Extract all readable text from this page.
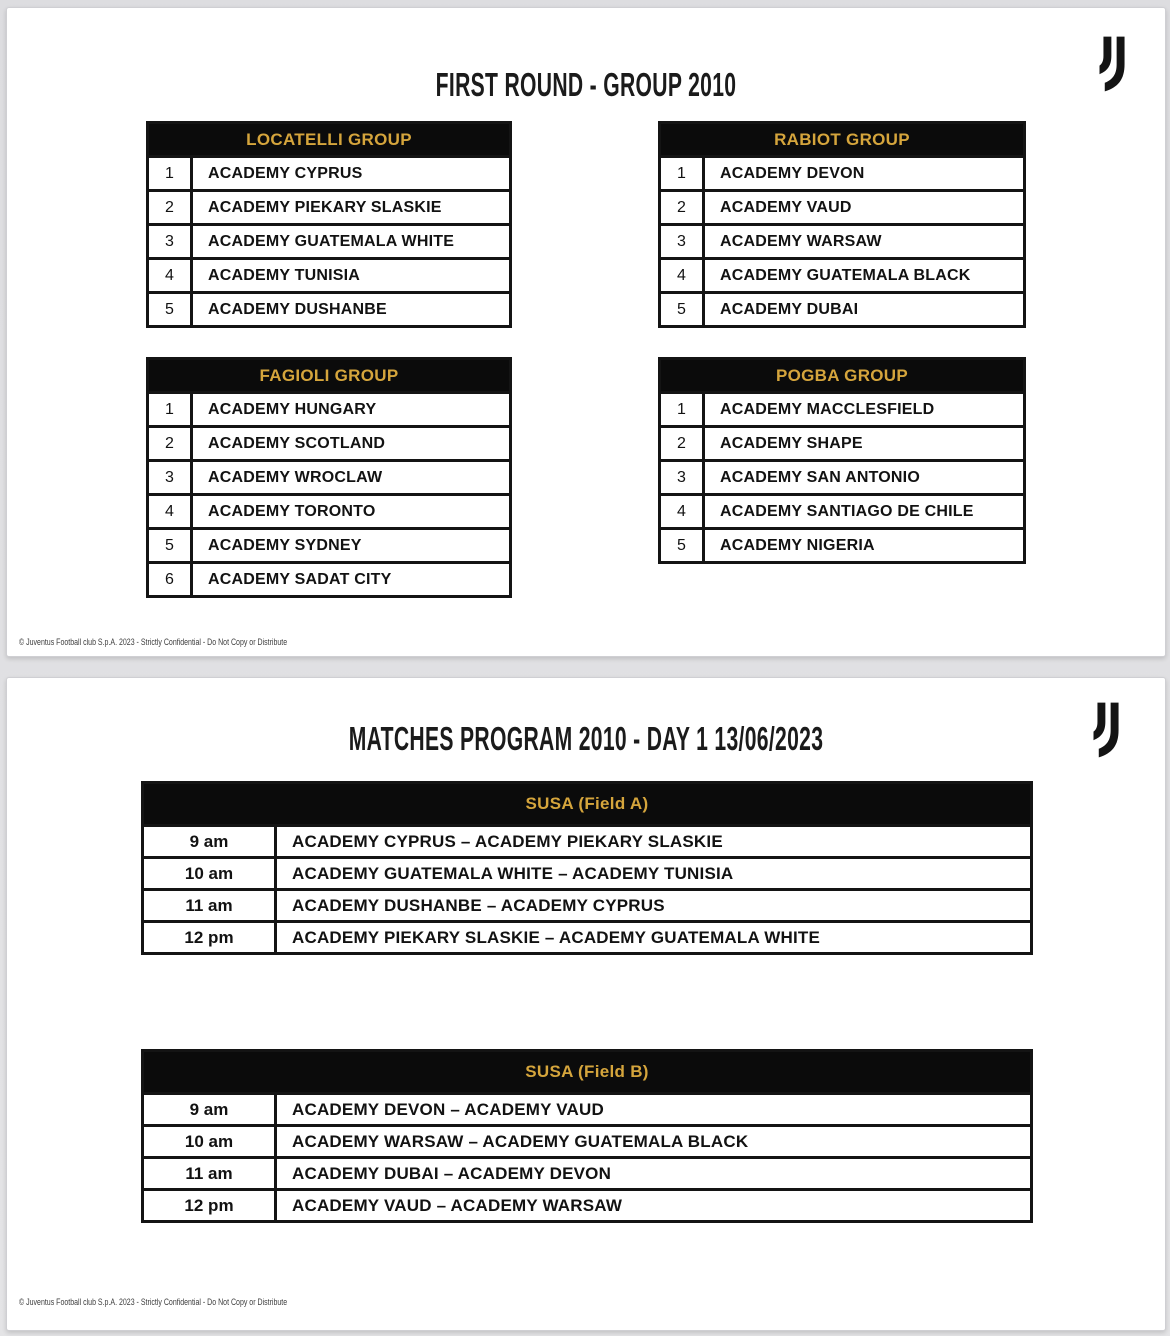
FIRST ROUND - GROUP 2010
LOCATELLI GROUP
1	ACADEMY CYPRUS
2	ACADEMY PIEKARY SLASKIE
3	ACADEMY GUATEMALA WHITE
4	ACADEMY TUNISIA
5	ACADEMY DUSHANBE
RABIOT GROUP
1	ACADEMY DEVON
2	ACADEMY VAUD
3	ACADEMY WARSAW
4	ACADEMY GUATEMALA BLACK
5	ACADEMY DUBAI
FAGIOLI GROUP
1	ACADEMY HUNGARY
2	ACADEMY SCOTLAND
3	ACADEMY WROCLAW
4	ACADEMY TORONTO
5	ACADEMY SYDNEY
6	ACADEMY SADAT CITY
POGBA GROUP
1	ACADEMY MACCLESFIELD
2	ACADEMY SHAPE
3	ACADEMY SAN ANTONIO
4	ACADEMY SANTIAGO DE CHILE
5	ACADEMY NIGERIA
© Juventus Football club S.p.A. 2023 - Strictly Confidential - Do Not Copy or Distribute
MATCHES PROGRAM 2010 - DAY 1 13/06/2023
SUSA (Field A)
9 am	ACADEMY CYPRUS – ACADEMY PIEKARY SLASKIE
10 am	ACADEMY GUATEMALA WHITE – ACADEMY TUNISIA
11 am	ACADEMY DUSHANBE – ACADEMY CYPRUS
12 pm	ACADEMY PIEKARY SLASKIE – ACADEMY GUATEMALA WHITE
SUSA (Field B)
9 am	ACADEMY DEVON – ACADEMY VAUD
10 am	ACADEMY WARSAW – ACADEMY GUATEMALA BLACK
11 am	ACADEMY DUBAI – ACADEMY DEVON
12 pm	ACADEMY VAUD – ACADEMY WARSAW
© Juventus Football club S.p.A. 2023 - Strictly Confidential - Do Not Copy or Distribute
